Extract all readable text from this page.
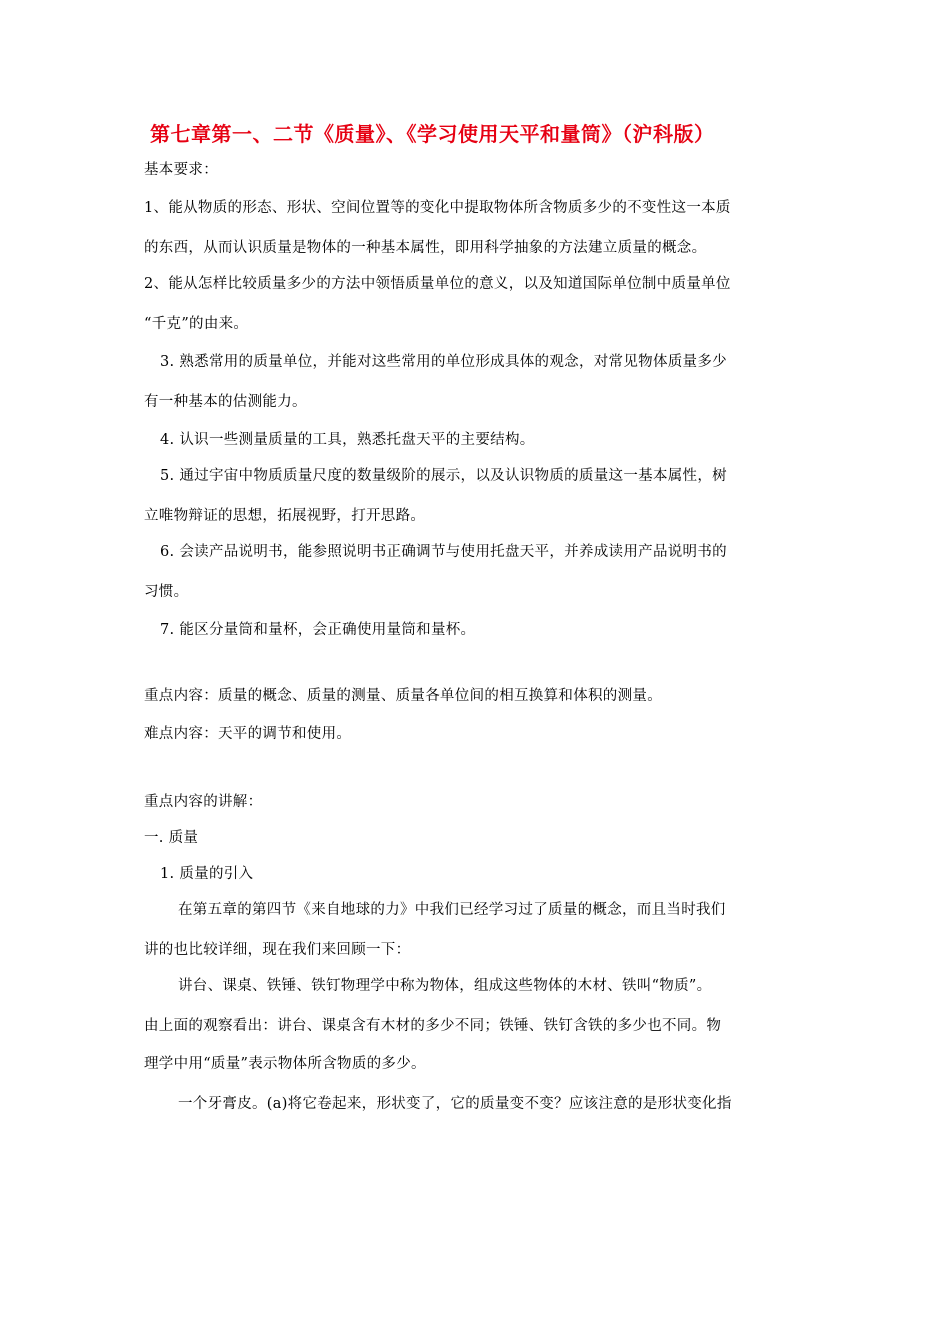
第七章第一、二节《质量》、《学习使用天平和量筒》（沪科版）
基本要求：
1、能从物质的形态、形状、空间位置等的变化中提取物体所含物质多少的不变性这一本质
的东西，从而认识质量是物体的一种基本属性，即用科学抽象的方法建立质量的概念。
2、能从怎样比较质量多少的方法中领悟质量单位的意义，以及知道国际单位制中质量单位
“千克”的由来。
3. 熟悉常用的质量单位，并能对这些常用的单位形成具体的观念，对常见物体质量多少
有一种基本的估测能力。
4. 认识一些测量质量的工具，熟悉托盘天平的主要结构。
5. 通过宇宙中物质质量尺度的数量级阶的展示，以及认识物质的质量这一基本属性，树
立唯物辩证的思想，拓展视野，打开思路。
6. 会读产品说明书，能参照说明书正确调节与使用托盘天平，并养成读用产品说明书的
习惯。
7. 能区分量筒和量杯，会正确使用量筒和量杯。
重点内容：质量的概念、质量的测量、质量各单位间的相互换算和体积的测量。
难点内容：天平的调节和使用。
重点内容的讲解：
一. 质量
1. 质量的引入
在第五章的第四节《来自地球的力》中我们已经学习过了质量的概念，而且当时我们
讲的也比较详细，现在我们来回顾一下：
讲台、课桌、铁锤、铁钉物理学中称为物体，组成这些物体的木材、铁叫“物质”。
由上面的观察看出：讲台、课桌含有木材的多少不同；铁锤、铁钉含铁的多少也不同。物
理学中用“质量”表示物体所含物质的多少。
一个牙膏皮。(a)将它卷起来，形状变了，它的质量变不变？应该注意的是形状变化指
